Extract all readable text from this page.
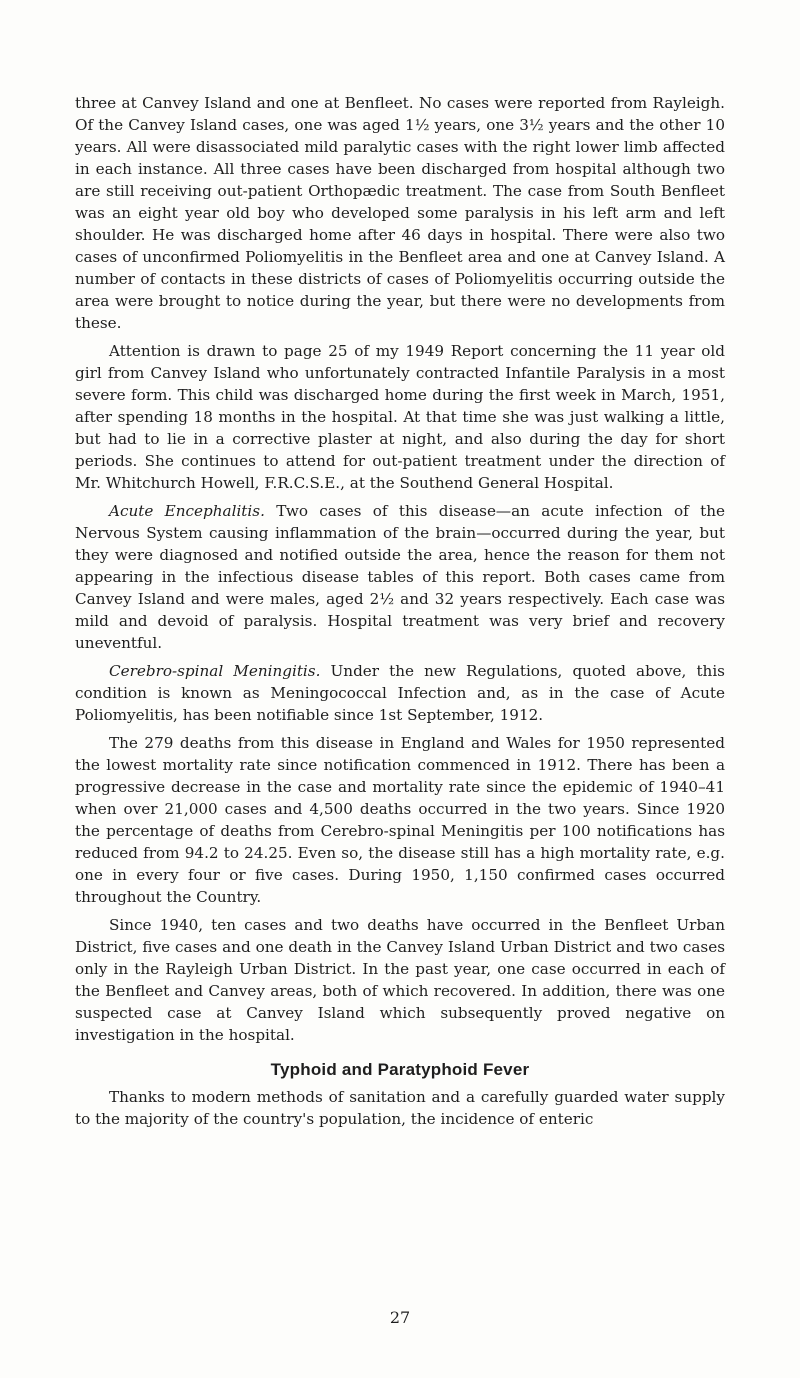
three at Canvey Island and one at Benfleet. No cases were reported from Rayleigh. Of the Canvey Island cases, one was aged 1½ years, one 3½ years and the other 10 years. All were disassociated mild paralytic cases with the right lower limb affected in each instance. All three cases have been discharged from hospital although two are still receiving out-patient Orthopædic treatment. The case from South Benfleet was an eight year old boy who developed some paralysis in his left arm and left shoulder. He was discharged home after 46 days in hospital. There were also two cases of unconfirmed Poliomyelitis in the Benfleet area and one at Canvey Island. A number of contacts in these districts of cases of Poliomyelitis occurring outside the area were brought to notice during the year, but there were no developments from these.

Attention is drawn to page 25 of my 1949 Report concerning the 11 year old girl from Canvey Island who unfortunately contracted Infantile Paralysis in a most severe form. This child was discharged home during the first week in March, 1951, after spending 18 months in the hospital. At that time she was just walking a little, but had to lie in a corrective plaster at night, and also during the day for short periods. She continues to attend for out-patient treatment under the direction of Mr. Whitchurch Howell, F.R.C.S.E., at the Southend General Hospital.

Acute Encephalitis. Two cases of this disease—an acute infection of the Nervous System causing inflammation of the brain—occurred during the year, but they were diagnosed and notified outside the area, hence the reason for them not appearing in the infectious disease tables of this report. Both cases came from Canvey Island and were males, aged 2½ and 32 years respectively. Each case was mild and devoid of paralysis. Hospital treatment was very brief and recovery uneventful.

Cerebro-spinal Meningitis. Under the new Regulations, quoted above, this condition is known as Meningococcal Infection and, as in the case of Acute Poliomyelitis, has been notifiable since 1st September, 1912.

The 279 deaths from this disease in England and Wales for 1950 represented the lowest mortality rate since notification commenced in 1912. There has been a progressive decrease in the case and mortality rate since the epidemic of 1940–41 when over 21,000 cases and 4,500 deaths occurred in the two years. Since 1920 the percentage of deaths from Cerebro-spinal Meningitis per 100 notifications has reduced from 94.2 to 24.25. Even so, the disease still has a high mortality rate, e.g. one in every four or five cases. During 1950, 1,150 confirmed cases occurred throughout the Country.

Since 1940, ten cases and two deaths have occurred in the Benfleet Urban District, five cases and one death in the Canvey Island Urban District and two cases only in the Rayleigh Urban District. In the past year, one case occurred in each of the Benfleet and Canvey areas, both of which recovered. In addition, there was one suspected case at Canvey Island which subsequently proved negative on investigation in the hospital.

Typhoid and Paratyphoid Fever

Thanks to modern methods of sanitation and a carefully guarded water supply to the majority of the country's population, the incidence of enteric

27
